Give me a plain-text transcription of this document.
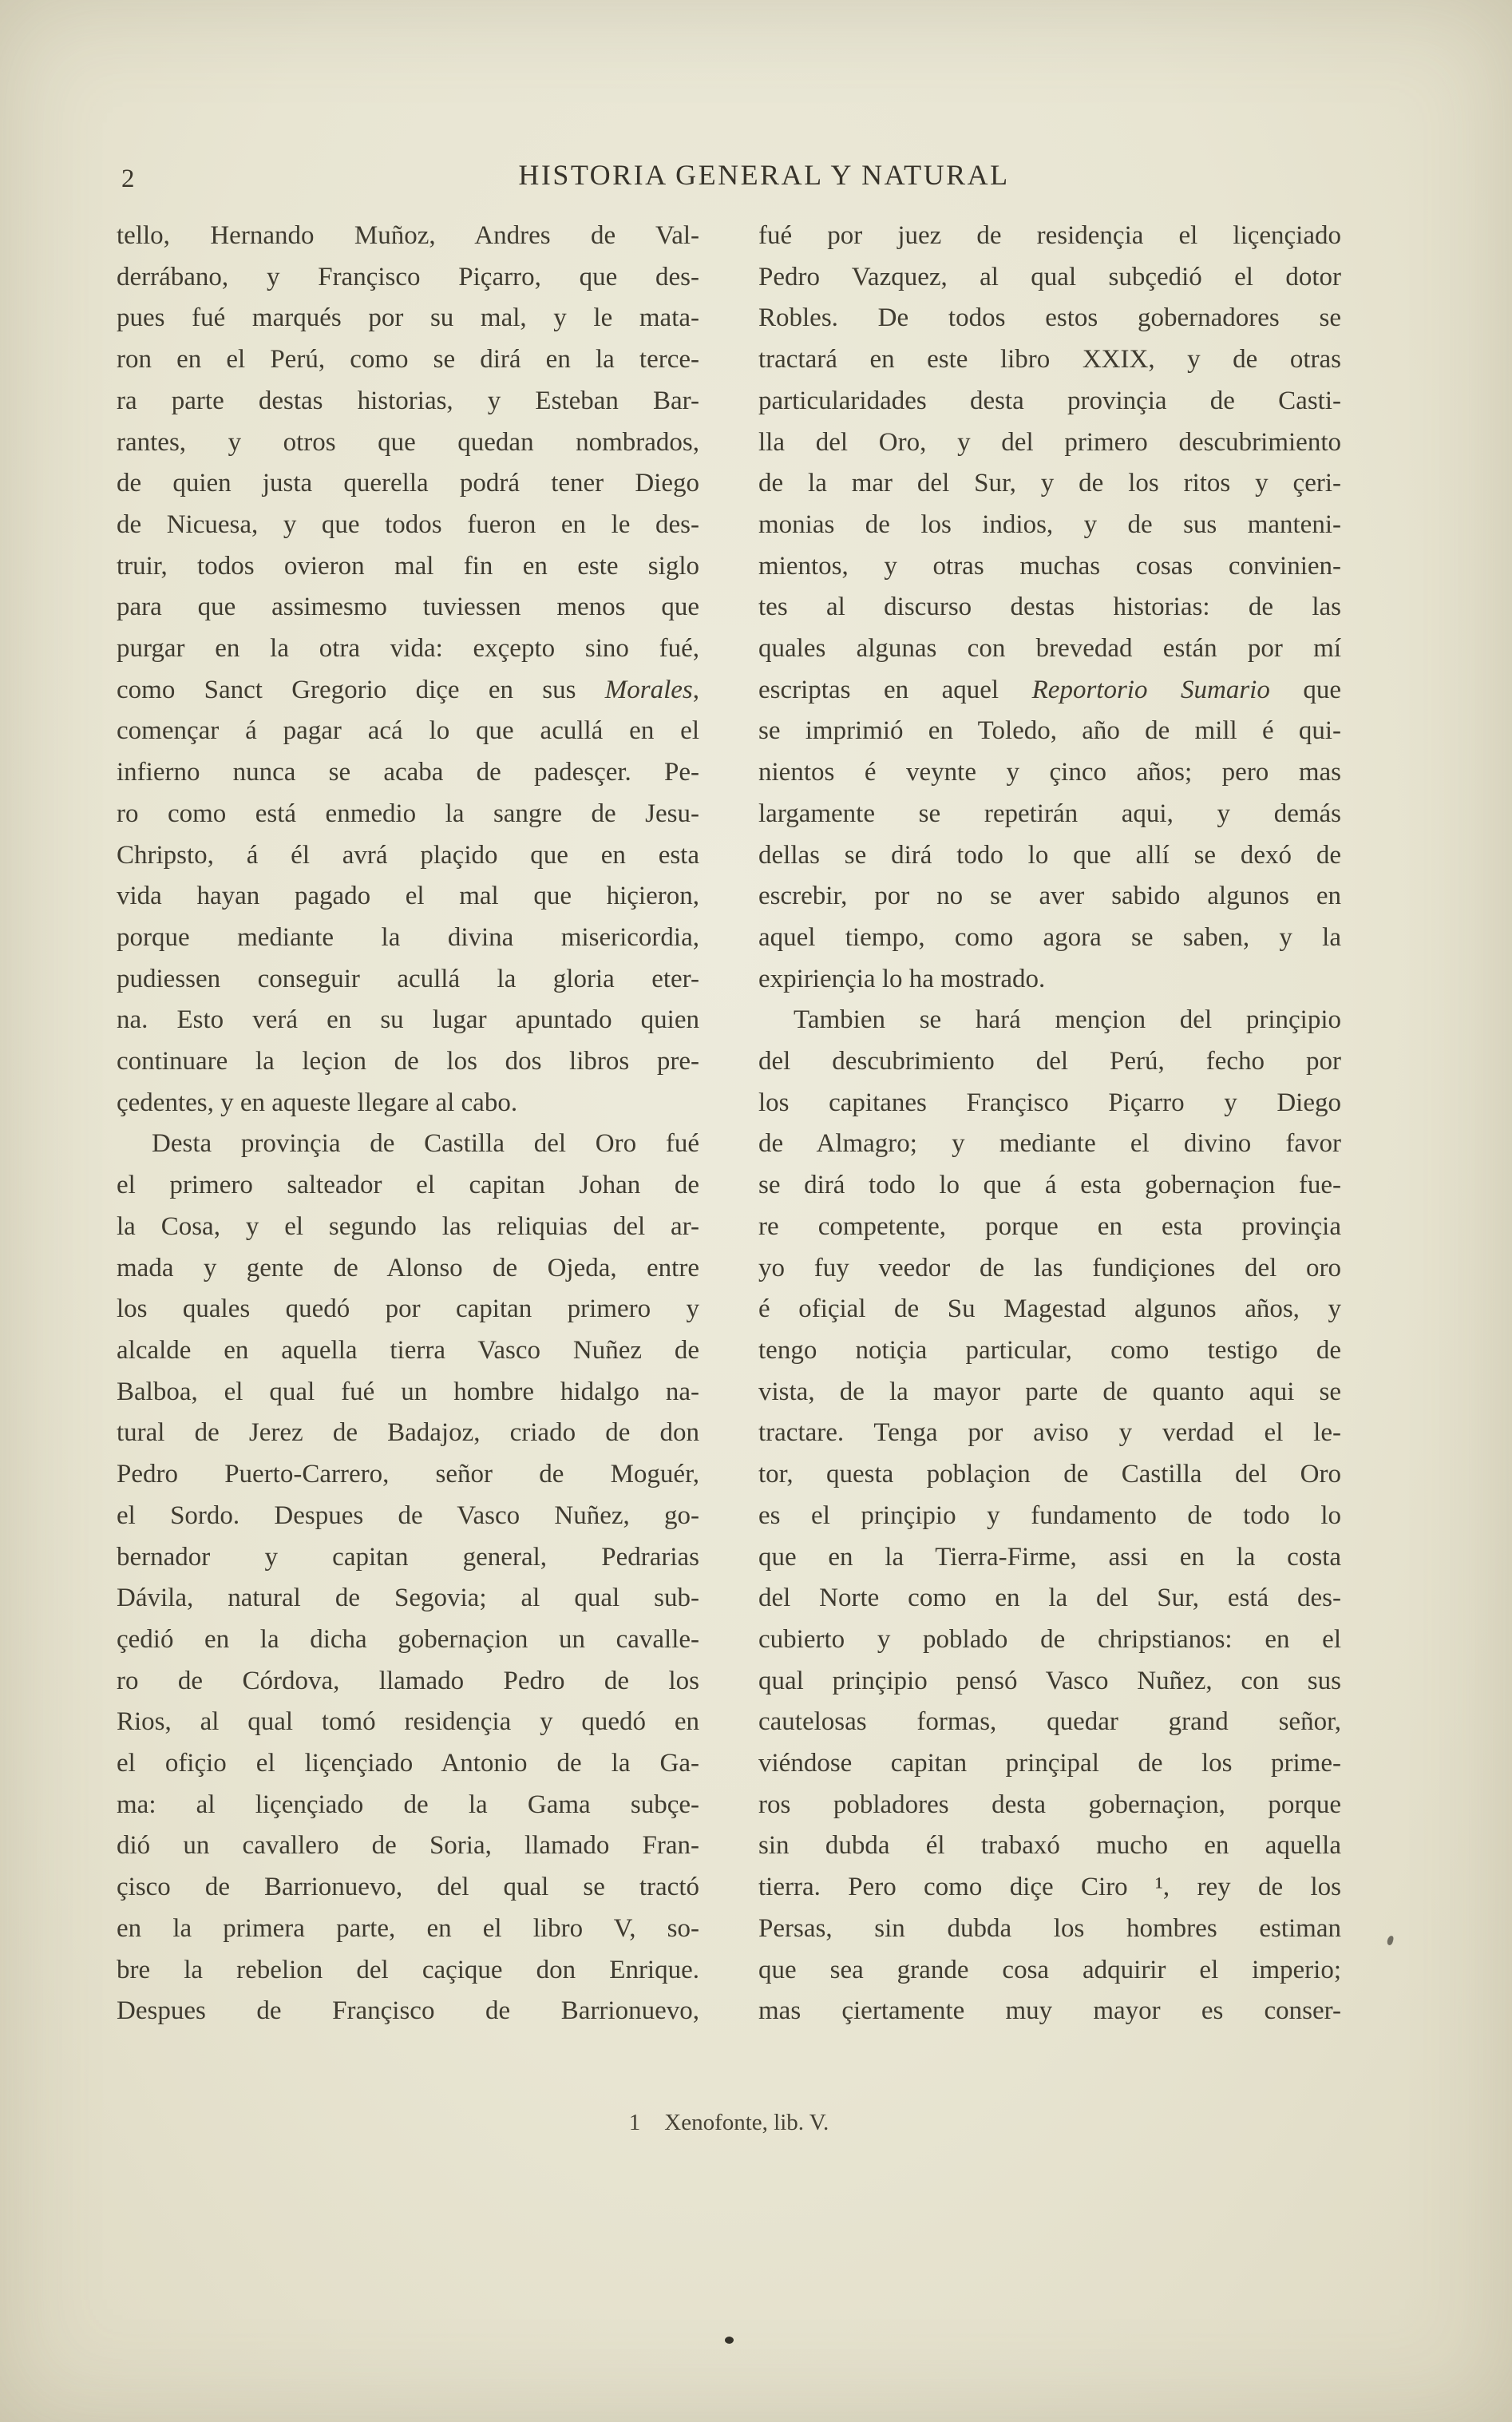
2	HISTORIA GENERAL Y NATURAL
tello, Hernando Muñoz, Andres de Val-
derrábano, y Françisco Piçarro, que des-
pues fué marqués por su mal, y le mata-
ron en el Perú, como se dirá en la terce-
ra parte destas historias, y Esteban Bar-
rantes, y otros que quedan nombrados,
de quien justa querella podrá tener Diego
de Nicuesa, y que todos fueron en le des-
truir, todos ovieron mal fin en este siglo
para que assimesmo tuviessen menos que
purgar en la otra vida: exçepto sino fué,
como Sanct Gregorio diçe en sus Morales,
començar á pagar acá lo que acullá en el
infierno nunca se acaba de padesçer. Pe-
ro como está enmedio la sangre de Jesu-
Chripsto, á él avrá plaçido que en esta
vida hayan pagado el mal que hiçieron,
porque mediante la divina misericordia,
pudiessen conseguir acullá la gloria eter-
na. Esto verá en su lugar apuntado quien
continuare la leçion de los dos libros pre-
çedentes, y en aqueste llegare al cabo.
Desta provinçia de Castilla del Oro fué
el primero salteador el capitan Johan de
la Cosa, y el segundo las reliquias del ar-
mada y gente de Alonso de Ojeda, entre
los quales quedó por capitan primero y
alcalde en aquella tierra Vasco Nuñez de
Balboa, el qual fué un hombre hidalgo na-
tural de Jerez de Badajoz, criado de don
Pedro Puerto-Carrero, señor de Moguér,
el Sordo. Despues de Vasco Nuñez, go-
bernador y capitan general, Pedrarias
Dávila, natural de Segovia; al qual sub-
çedió en la dicha gobernaçion un cavalle-
ro de Córdova, llamado Pedro de los
Rios, al qual tomó residençia y quedó en
el ofiçio el liçençiado Antonio de la Ga-
ma: al liçençiado de la Gama subçe-
dió un cavallero de Soria, llamado Fran-
çisco de Barrionuevo, del qual se tractó
en la primera parte, en el libro V, so-
bre la rebelion del caçique don Enrique.
Despues de Françisco de Barrionuevo,
fué por juez de residençia el liçençiado
Pedro Vazquez, al qual subçedió el dotor
Robles. De todos estos gobernadores se
tractará en este libro XXIX, y de otras
particularidades desta provinçia de Casti-
lla del Oro, y del primero descubrimiento
de la mar del Sur, y de los ritos y çeri-
monias de los indios, y de sus manteni-
mientos, y otras muchas cosas convinien-
tes al discurso destas historias: de las
quales algunas con brevedad están por mí
escriptas en aquel Reportorio Sumario que
se imprimió en Toledo, año de mill é qui-
nientos é veynte y çinco años; pero mas
largamente se repetirán aqui, y demás
dellas se dirá todo lo que allí se dexó de
escrebir, por no se aver sabido algunos en
aquel tiempo, como agora se saben, y la
expiriençia lo ha mostrado.
Tambien se hará mençion del prinçipio
del descubrimiento del Perú, fecho por
los capitanes Françisco Piçarro y Diego
de Almagro; y mediante el divino favor
se dirá todo lo que á esta gobernaçion fue-
re competente, porque en esta provinçia
yo fuy veedor de las fundiçiones del oro
é ofiçial de Su Magestad algunos años, y
tengo notiçia particular, como testigo de
vista, de la mayor parte de quanto aqui se
tractare. Tenga por aviso y verdad el le-
tor, questa poblaçion de Castilla del Oro
es el prinçipio y fundamento de todo lo
que en la Tierra-Firme, assi en la costa
del Norte como en la del Sur, está des-
cubierto y poblado de chripstianos: en el
qual prinçipio pensó Vasco Nuñez, con sus
cautelosas formas, quedar grand señor,
viéndose capitan prinçipal de los prime-
ros pobladores desta gobernaçion, porque
sin dubda él trabaxó mucho en aquella
tierra. Pero como diçe Ciro ¹, rey de los
Persas, sin dubda los hombres estiman
que sea grande cosa adquirir el imperio;
mas çiertamente muy mayor es conser-
1 Xenofonte, lib. V.
